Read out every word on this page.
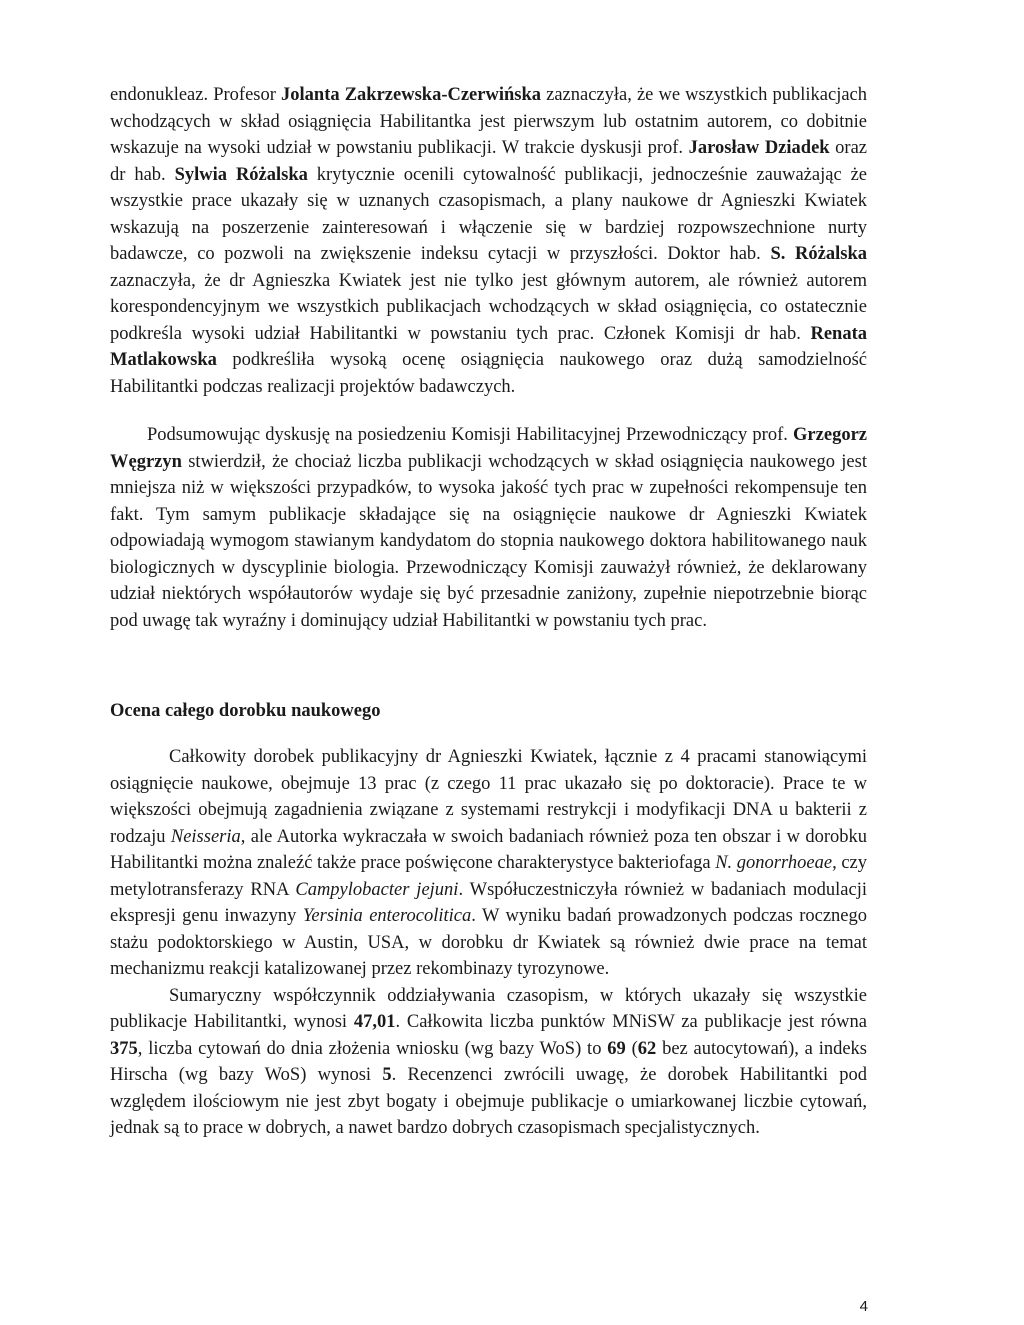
endonukleaz. Profesor Jolanta Zakrzewska-Czerwińska zaznaczyła, że we wszystkich publikacjach wchodzących w skład osiągnięcia Habilitantka jest pierwszym lub ostatnim autorem, co dobitnie wskazuje na wysoki udział w powstaniu publikacji. W trakcie dyskusji prof. Jarosław Dziadek oraz dr hab. Sylwia Różalska krytycznie ocenili cytowalność publikacji, jednocześnie zauważając że wszystkie prace ukazały się w uznanych czasopismach, a plany naukowe dr Agnieszki Kwiatek wskazują na poszerzenie zainteresowań i włączenie się w bardziej rozpowszechnione nurty badawcze, co pozwoli na zwiększenie indeksu cytacji w przyszłości. Doktor hab. S. Różalska zaznaczyła, że dr Agnieszka Kwiatek jest nie tylko jest głównym autorem, ale również autorem korespondencyjnym we wszystkich publikacjach wchodzących w skład osiągnięcia, co ostatecznie podkreśla wysoki udział Habilitantki w powstaniu tych prac. Członek Komisji dr hab. Renata Matlakowska podkreśliła wysoką ocenę osiągnięcia naukowego oraz dużą samodzielność Habilitantki podczas realizacji projektów badawczych.

Podsumowując dyskusję na posiedzeniu Komisji Habilitacyjnej Przewodniczący prof. Grzegorz Węgrzyn stwierdził, że chociaż liczba publikacji wchodzących w skład osiągnięcia naukowego jest mniejsza niż w większości przypadków, to wysoka jakość tych prac w zupełności rekompensuje ten fakt. Tym samym publikacje składające się na osiągnięcie naukowe dr Agnieszki Kwiatek odpowiadają wymogom stawianym kandydatom do stopnia naukowego doktora habilitowanego nauk biologicznych w dyscyplinie biologia. Przewodniczący Komisji zauważył również, że deklarowany udział niektórych współautorów wydaje się być przesadnie zaniżony, zupełnie niepotrzebnie biorąc pod uwagę tak wyraźny i dominujący udział Habilitantki w powstaniu tych prac.

Ocena całego dorobku naukowego

Całkowity dorobek publikacyjny dr Agnieszki Kwiatek, łącznie z 4 pracami stanowiącymi osiągnięcie naukowe, obejmuje 13 prac (z czego 11 prac ukazało się po doktoracie). Prace te w większości obejmują zagadnienia związane z systemami restrykcji i modyfikacji DNA u bakterii z rodzaju Neisseria, ale Autorka wykraczała w swoich badaniach również poza ten obszar i w dorobku Habilitantki można znaleźć także prace poświęcone charakterystyce bakteriofaga N. gonorrhoeae, czy metylotransferazy RNA Campylobacter jejuni. Współuczestniczyła również w badaniach modulacji ekspresji genu inwazyny Yersinia enterocolitica. W wyniku badań prowadzonych podczas rocznego stażu podoktorskiego w Austin, USA, w dorobku dr Kwiatek są również dwie prace na temat mechanizmu reakcji katalizowanej przez rekombinazy tyrozynowe.

Sumaryczny współczynnik oddziaływania czasopism, w których ukazały się wszystkie publikacje Habilitantki, wynosi 47,01. Całkowita liczba punktów MNiSW za publikacje jest równa 375, liczba cytowań do dnia złożenia wniosku (wg bazy WoS) to 69 (62 bez autocytowań), a indeks Hirscha (wg bazy WoS) wynosi 5. Recenzenci zwrócili uwagę, że dorobek Habilitantki pod względem ilościowym nie jest zbyt bogaty i obejmuje publikacje o umiarkowanej liczbie cytowań, jednak są to prace w dobrych, a nawet bardzo dobrych czasopismach specjalistycznych.

4
